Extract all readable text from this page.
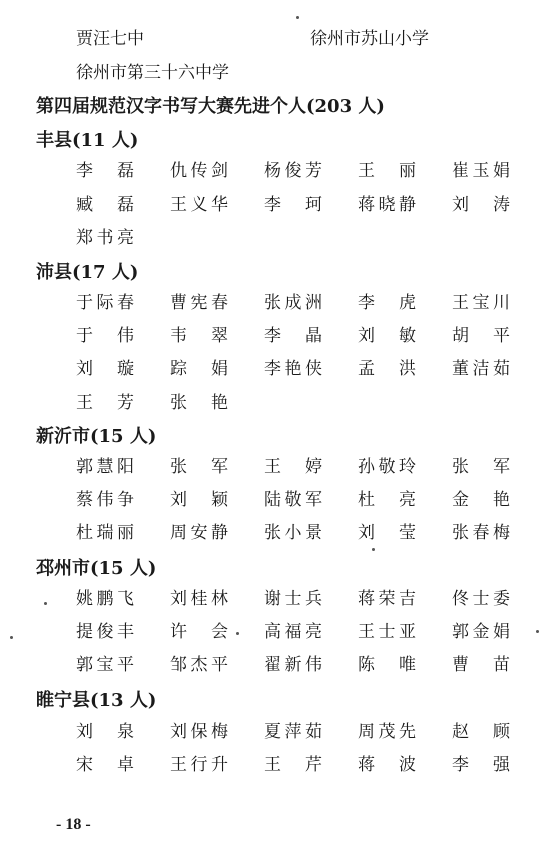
贾汪七中	徐州市苏山小学
徐州市第三十六中学
第四届规范汉字书写大赛先进个人(203 人)
丰县(11 人)
李　磊 仇传剑 杨俊芳 王　丽 崔玉娟
臧　磊 王义华 李　珂 蒋晓静 刘　涛
郑书亮
沛县(17 人)
于际春 曹宪春 张成洲 李　虎 王宝川
于　伟 韦　翠 李　晶 刘　敏 胡　平
刘　璇 踪　娟 李艳侠 孟　洪 董洁茹
王　芳 张　艳
新沂市(15 人)
郭慧阳 张　军 王　婷 孙敬玲 张　军
蔡伟争 刘　颖 陆敬军 杜　亮 金　艳
杜瑞丽 周安静 张小景 刘　莹 张春梅
邳州市(15 人)
姚鹏飞 刘桂林 谢士兵 蒋荣吉 佟士委
提俊丰 许　会 高福亮 王士亚 郭金娟
郭宝平 邹杰平 翟新伟 陈　唯 曹　苗
睢宁县(13 人)
刘　泉 刘保梅 夏萍茹 周茂先 赵　顾
宋　卓 王行升 王　芹 蒋　波 李　强
- 18 -
